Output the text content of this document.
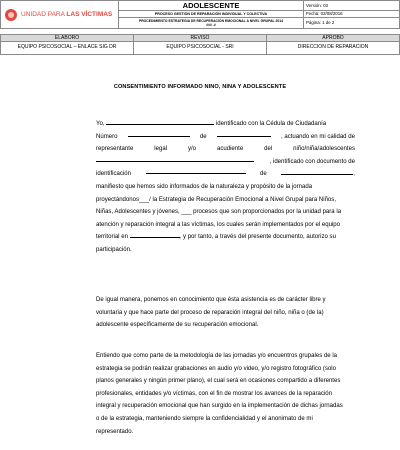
UNIDAD PARA LAS VÍCTIMAS	ADOLESCENTE	Versión: 03
	PROCESO GESTIÓN DE REPARACIÓN INDIVIDUAL Y COLECTIVA	Fecha: 02/08/2016

	PROCEDIMIENTO ESTRATEGIA DE RECUPERACIÓN EMOCIONAL A NIVEL GRUPAL 2014
### -#	Página: 1 de 2

ELABORO	REVISO	APROBO
EQUIPO PSICOSOCIAL – ENLACE SIG DR	EQUIPO PSICOSOCIAL - SRI	DIRECCION DE REPARACION
CONSENTIMIENTO INFORMADO NINO, NINA Y ADOLESCENTE
Yo,	identificado con la Cédula de Ciudadanía
Número	de	, actuando en mi calidad de
representante	legal	y/o	acudiente	del	niño/niña/adolescentes
, identificado con documento de
identificación	de	,
manifiesto que hemos sido informados de la naturaleza y propósito de la jornada
proyectándonos___/ la Estrategia de Recuperación Emocional a Nivel Grupal para Niños,
Niñas, Adolescentes y jóvenes, ___ procesos que son proporcionados por la unidad para la
atención y reparación integral a las víctimas, los cuales serán implementados por el equipo
territorial en	, y por tanto, a través del presente documento, autorizo su
participación.
De igual manera, ponemos en conocimiento que ésta asistencia es de carácter libre y
voluntaria y que hace parte del proceso de reparación integral del niño, niña o (de la)
adolescente específicamente de su recuperación emocional.
Entiendo que como parte de la metodología de las jornadas y/o encuentros grupales de la
estrategia se podrán realizar grabaciones en audio y/o video, y/o registro fotográfico (solo
planos generales y ningún primer plano), el cual será en ocasiones compartido a diferentes
profesionales, entidades y/o víctimas, con el fin de mostrar los avances de la reparación
integral y recuperación emocional que han surgido en la implementación de dichas jornadas
o de la estrategia, manteniendo siempre la confidencialidad y el anonimato de mi
representado.
